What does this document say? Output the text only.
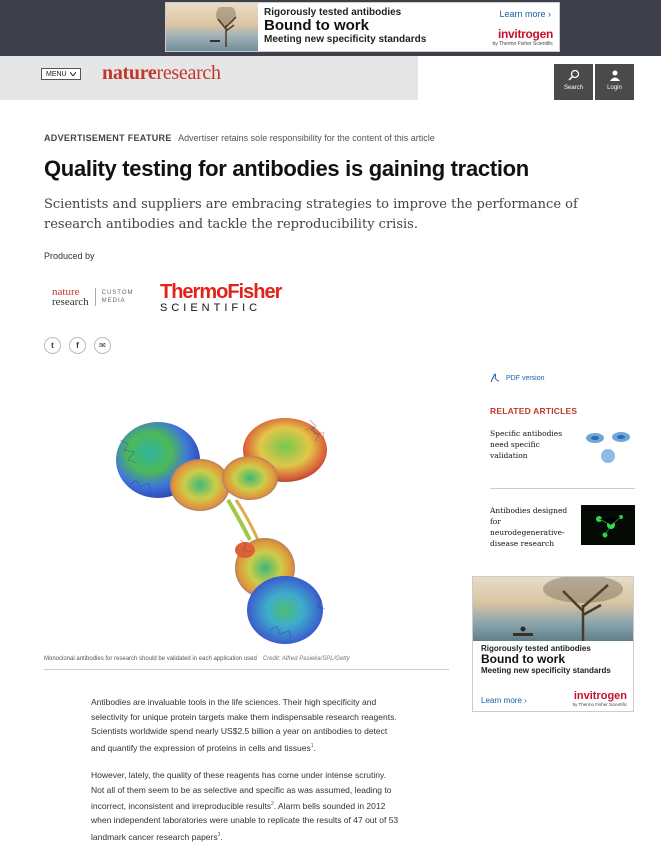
Rigorously tested antibodies
Bound to work
Meeting new specificity standards
Learn more ›
invitrogen
by Thermo Fisher Scientific
MENU natureresearch
Search	Login
ADVERTISEMENT FEATURE Advertiser retains sole responsibility for the content of this article
Quality testing for antibodies is gaining traction

Scientists and suppliers are embracing strategies to improve the performance of research antibodies and tackle the reproducibility crisis.

Produced by
nature
research
CUSTOM
MEDIA	ThermoFisher
SCIENTIFIC
t	f	✉
Monoclonal antibodies for research should be validated in each application used Credit: Alfred Pasieka/SPL/Getty

Antibodies are invaluable tools in the life sciences. Their high specificity and selectivity for unique protein targets make them indispensable research reagents. Scientists worldwide spend nearly US$2.5 billion a year on antibodies to detect and quantify the expression of proteins in cells and tissues$^1$.

However, lately, the quality of these reagents has come under intense scrutiny. Not all of them seem to be as selective and specific as was assumed, leading to incorrect, inconsistent and irreproducible results$^2$. Alarm bells sounded in 2012 when independent laboratories were unable to replicate the results of 47 out of 53 landmark cancer research papers$^3$.

PDF version
RELATED ARTICLES
Specific antibodies need specific validation
Antibodies designed for neurodegenerative-disease research
Rigorously tested antibodies
Bound to work
Meeting new specificity standards
Learn more ›	invitrogen
by Thermo Fisher Scientific
